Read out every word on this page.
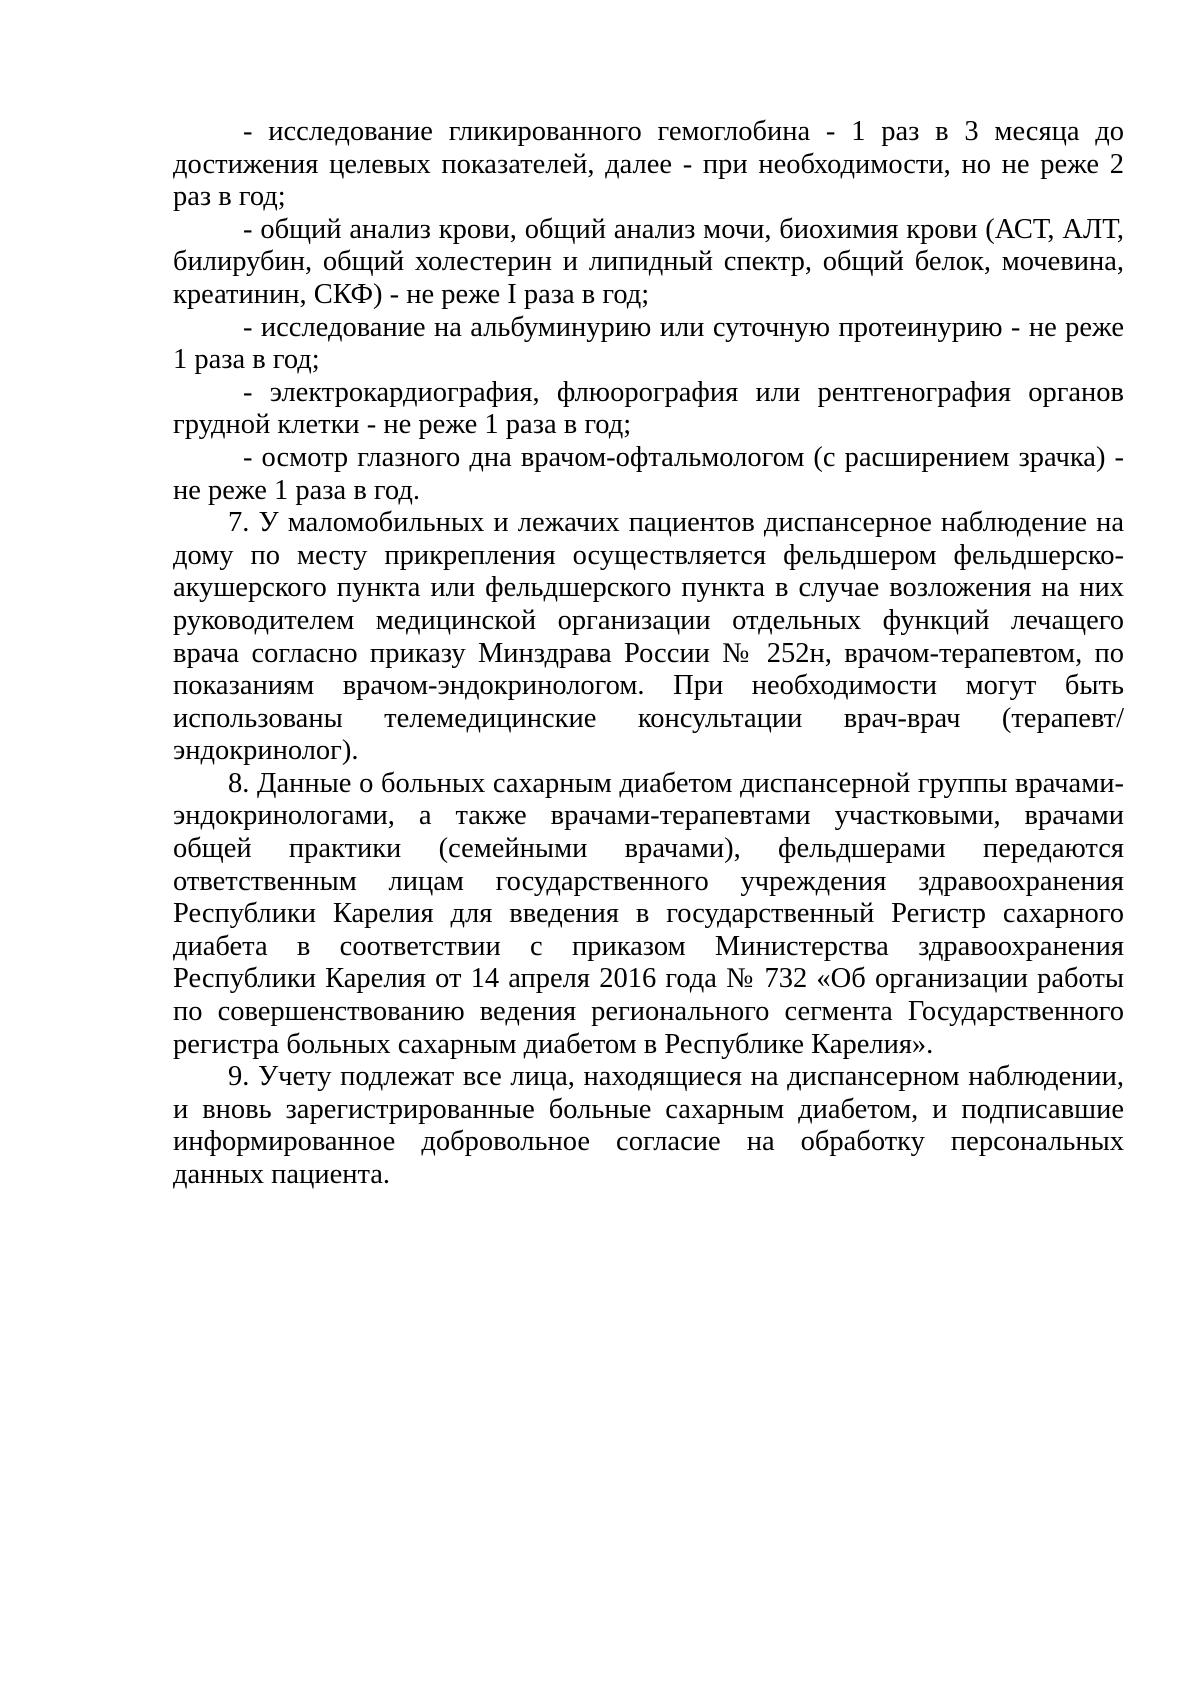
- исследование гликированного гемоглобина - 1 раз в 3 месяца до достижения целевых показателей, далее - при необходимости, но не реже 2 раз в год;

- общий анализ крови, общий анализ мочи, биохимия крови (АСТ, АЛТ, билирубин, общий холестерин и липидный спектр, общий белок, мочевина, креатинин, СКФ) - не реже I раза в год;

- исследование на альбуминурию или суточную протеинурию - не реже 1 раза в год;

- электрокардиография, флюорография или рентгенография органов грудной клетки - не реже 1 раза в год;

- осмотр глазного дна врачом-офтальмологом (с расширением зрачка) - не реже 1 раза в год.

7. У маломобильных и лежачих пациентов диспансерное наблюдение на дому по месту прикрепления осуществляется фельдшером фельдшерско-акушерского пункта или фельдшерского пункта в случае возложения на них руководителем медицинской организации отдельных функций лечащего врача согласно приказу Минздрава России № 252н, врачом-терапевтом, по показаниям врачом-эндокринологом. При необходимости могут быть использованы телемедицинские консультации врач-врач (терапевт/ эндокринолог).

8. Данные о больных сахарным диабетом диспансерной группы врачами-эндокринологами, а также врачами-терапевтами участковыми, врачами общей практики (семейными врачами), фельдшерами передаются ответственным лицам государственного учреждения здравоохранения Республики Карелия для введения в государственный Регистр сахарного диабета в соответствии с приказом Министерства здравоохранения Республики Карелия от 14 апреля 2016 года № 732 «Об организации работы по совершенствованию ведения регионального сегмента Государственного регистра больных сахарным диабетом в Республике Карелия».

9. Учету подлежат все лица, находящиеся на диспансерном наблюдении, и вновь зарегистрированные больные сахарным диабетом, и подписавшие информированное добровольное согласие на обработку персональных данных пациента.
